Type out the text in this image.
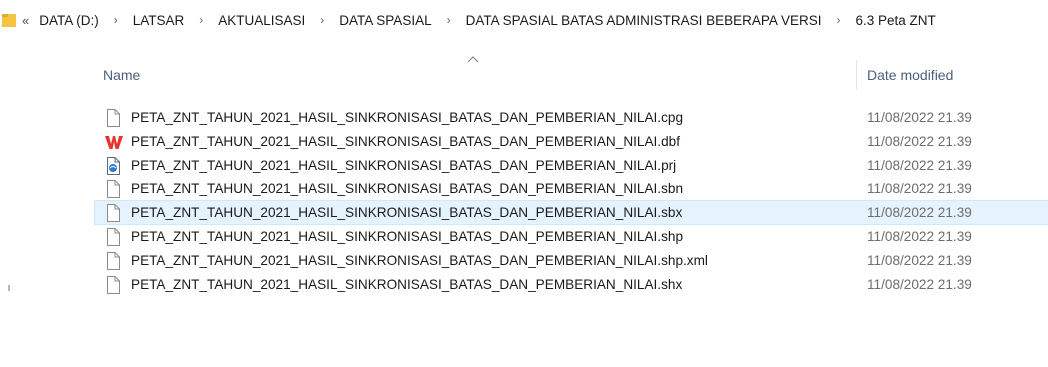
« DATA (D:)	›	LATSAR	›	AKTUALISASI	›	DATA SPASIAL	›	DATA SPASIAL BATAS ADMINISTRASI BEBERAPA VERSI	›	6.3 Peta ZNT
Name	Date modified
PETA_ZNT_TAHUN_2021_HASIL_SINKRONISASI_BATAS_DAN_PEMBERIAN_NILAI.cpg	11/08/2022 21.39
PETA_ZNT_TAHUN_2021_HASIL_SINKRONISASI_BATAS_DAN_PEMBERIAN_NILAI.dbf	11/08/2022 21.39
PETA_ZNT_TAHUN_2021_HASIL_SINKRONISASI_BATAS_DAN_PEMBERIAN_NILAI.prj	11/08/2022 21.39
PETA_ZNT_TAHUN_2021_HASIL_SINKRONISASI_BATAS_DAN_PEMBERIAN_NILAI.sbn	11/08/2022 21.39
PETA_ZNT_TAHUN_2021_HASIL_SINKRONISASI_BATAS_DAN_PEMBERIAN_NILAI.sbx	11/08/2022 21.39
PETA_ZNT_TAHUN_2021_HASIL_SINKRONISASI_BATAS_DAN_PEMBERIAN_NILAI.shp	11/08/2022 21.39
PETA_ZNT_TAHUN_2021_HASIL_SINKRONISASI_BATAS_DAN_PEMBERIAN_NILAI.shp.xml	11/08/2022 21.39
PETA_ZNT_TAHUN_2021_HASIL_SINKRONISASI_BATAS_DAN_PEMBERIAN_NILAI.shx	11/08/2022 21.39
